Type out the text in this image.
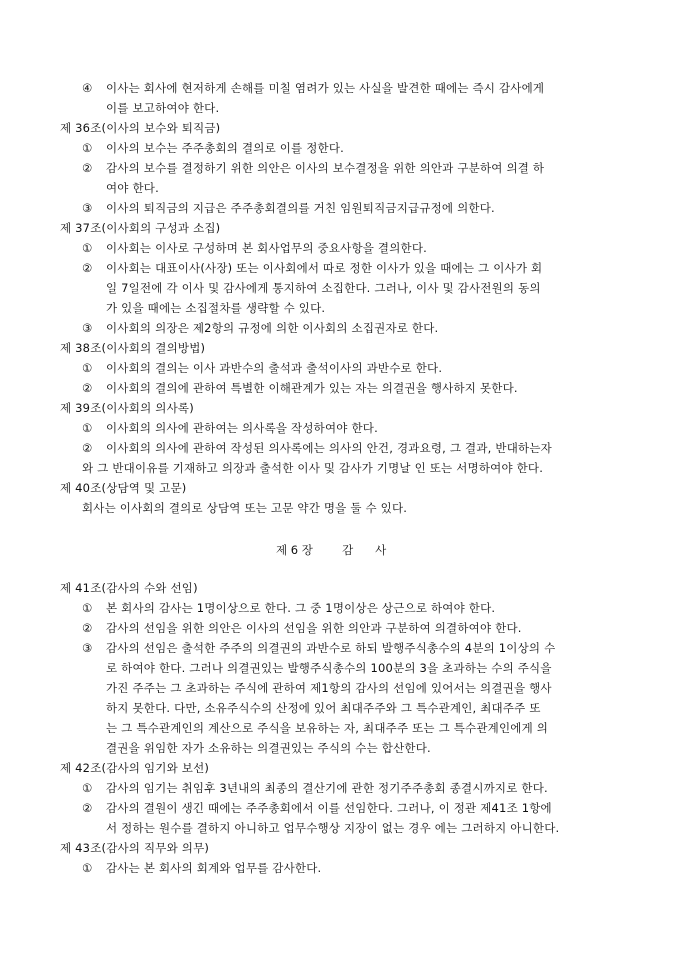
④ 이사는 회사에 현저하게 손해를 미칠 염려가 있는 사실을 발견한 때에는 즉시 감사에게
이를 보고하여야 한다.
제 36조(이사의 보수와 퇴직금)
① 이사의 보수는 주주총회의 결의로 이를 정한다.
② 감사의 보수를 결정하기 위한 의안은 이사의 보수결정을 위한 의안과 구분하여 의결 하
여야 한다.
③ 이사의 퇴직금의 지급은 주주총회결의를 거친 임원퇴직금지급규정에 의한다.
제 37조(이사회의 구성과 소집)
① 이사회는 이사로 구성하며 본 회사업무의 중요사항을 결의한다.
② 이사회는 대표이사(사장) 또는 이사회에서 따로 정한 이사가 있을 때에는 그 이사가 회
일 7일전에 각 이사 및 감사에게 통지하여 소집한다. 그러나, 이사 및 감사전원의 동의
가 있을 때에는 소집절차를 생략할 수 있다.
③ 이사회의 의장은 제2항의 규정에 의한 이사회의 소집권자로 한다.
제 38조(이사회의 결의방법)
① 이사회의 결의는 이사 과반수의 출석과 출석이사의 과반수로 한다.
② 이사회의 결의에 관하여 특별한 이해관계가 있는 자는 의결권을 행사하지 못한다.
제 39조(이사회의 의사록)
① 이사회의 의사에 관하여는 의사록을 작성하여야 한다.
② 이사회의 의사에 관하여 작성된 의사록에는 의사의 안건, 경과요령, 그 결과, 반대하는자
와 그 반대이유를 기재하고 의장과 출석한 이사 및 감사가 기명날 인 또는 서명하여야 한다.
제 40조(상담역 및 고문)
회사는 이사회의 결의로 상담역 또는 고문 약간 명을 둘 수 있다.
제 6 장        감      사
제 41조(감사의 수와 선임)
① 본 회사의 감사는 1명이상으로 한다. 그 중 1명이상은 상근으로 하여야 한다.
② 감사의 선임을 위한 의안은 이사의 선임을 위한 의안과 구분하여 의결하여야 한다.
③ 감사의 선임은 출석한 주주의 의결권의 과반수로 하되 발행주식총수의 4분의 1이상의 수
로 하여야 한다. 그러나 의결권있는 발행주식총수의 100분의 3을 초과하는 수의 주식을
가진 주주는 그 초과하는 주식에 관하여 제1항의 감사의 선임에 있어서는 의결권을 행사
하지 못한다. 다만, 소유주식수의 산정에 있어 최대주주와 그 특수관계인, 최대주주 또
는 그 특수관계인의 계산으로 주식을 보유하는 자, 최대주주 또는 그 특수관계인에게 의
결권을 위임한 자가 소유하는 의결권있는 주식의 수는 합산한다.
제 42조(감사의 임기와 보선)
① 감사의 임기는 취임후 3년내의 최종의 결산기에 관한 정기주주총회 종결시까지로 한다.
② 감사의 결원이 생긴 때에는 주주총회에서 이를 선임한다. 그러나, 이 정관 제41조 1항에
서 정하는 원수를 결하지 아니하고 업무수행상 지장이 없는 경우 에는 그러하지 아니한다.
제 43조(감사의 직무와 의무)
① 감사는 본 회사의 회계와 업무를 감사한다.
